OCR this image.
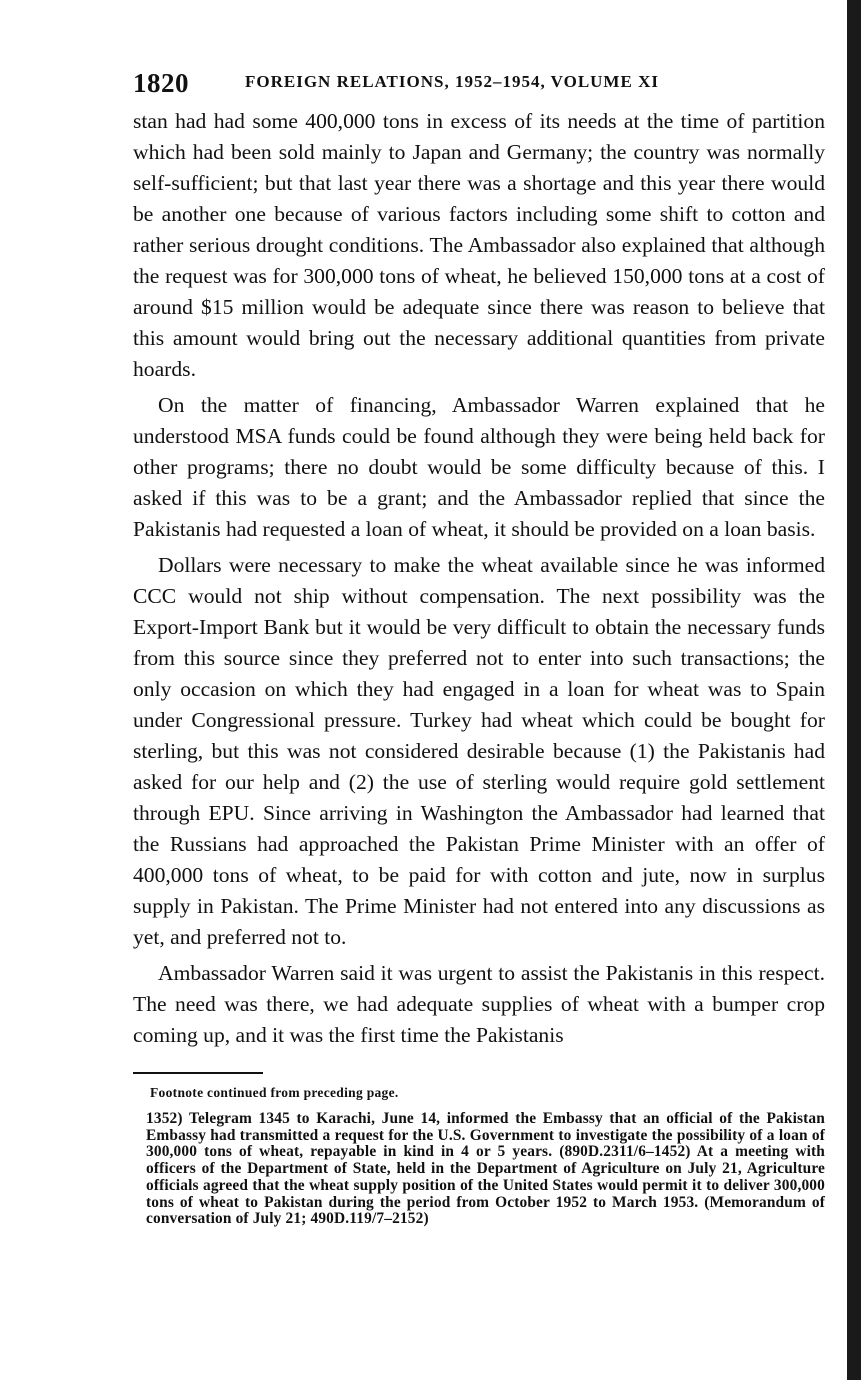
1820	FOREIGN RELATIONS, 1952–1954, VOLUME XI

stan had had some 400,000 tons in excess of its needs at the time of partition which had been sold mainly to Japan and Germany; the country was normally self-sufficient; but that last year there was a shortage and this year there would be another one because of various factors including some shift to cotton and rather serious drought conditions. The Ambassador also explained that although the request was for 300,000 tons of wheat, he believed 150,000 tons at a cost of around $15 million would be adequate since there was reason to believe that this amount would bring out the necessary additional quantities from private hoards.

On the matter of financing, Ambassador Warren explained that he understood MSA funds could be found although they were being held back for other programs; there no doubt would be some difficulty because of this. I asked if this was to be a grant; and the Ambassador replied that since the Pakistanis had requested a loan of wheat, it should be provided on a loan basis.

Dollars were necessary to make the wheat available since he was informed CCC would not ship without compensation. The next possibility was the Export-Import Bank but it would be very difficult to obtain the necessary funds from this source since they preferred not to enter into such transactions; the only occasion on which they had engaged in a loan for wheat was to Spain under Congressional pressure. Turkey had wheat which could be bought for sterling, but this was not considered desirable because (1) the Pakistanis had asked for our help and (2) the use of sterling would require gold settlement through EPU. Since arriving in Washington the Ambassador had learned that the Russians had approached the Pakistan Prime Minister with an offer of 400,000 tons of wheat, to be paid for with cotton and jute, now in surplus supply in Pakistan. The Prime Minister had not entered into any discussions as yet, and preferred not to.

Ambassador Warren said it was urgent to assist the Pakistanis in this respect. The need was there, we had adequate supplies of wheat with a bumper crop coming up, and it was the first time the Pakistanis

Footnote continued from preceding page.
1352) Telegram 1345 to Karachi, June 14, informed the Embassy that an official of the Pakistan Embassy had transmitted a request for the U.S. Government to investigate the possibility of a loan of 300,000 tons of wheat, repayable in kind in 4 or 5 years. (890D.2311/6–1452) At a meeting with officers of the Department of State, held in the Department of Agriculture on July 21, Agriculture officials agreed that the wheat supply position of the United States would permit it to deliver 300,000 tons of wheat to Pakistan during the period from October 1952 to March 1953. (Memorandum of conversation of July 21; 490D.119/7–2152)
